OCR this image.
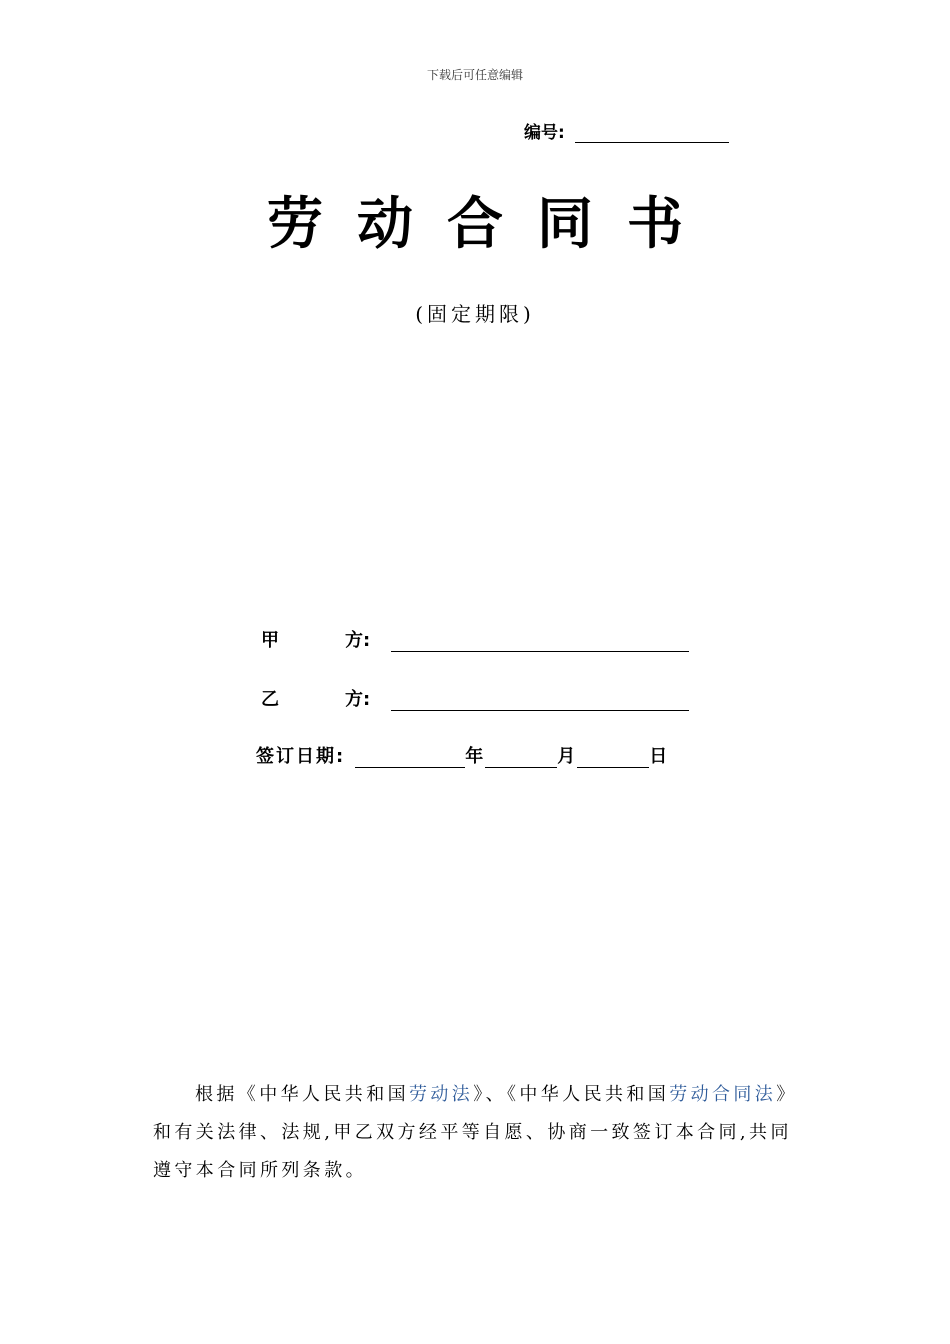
下载后可任意编辑
编号:
劳动合同书
(固定期限)
甲	方:
乙	方:
签订日期:	年	月	日
根据《中华人民共和国劳动法》、《中华人民共和国劳动合同法》和有关法律、法规,甲乙双方经平等自愿、协商一致签订本合同,共同遵守本合同所列条款。
